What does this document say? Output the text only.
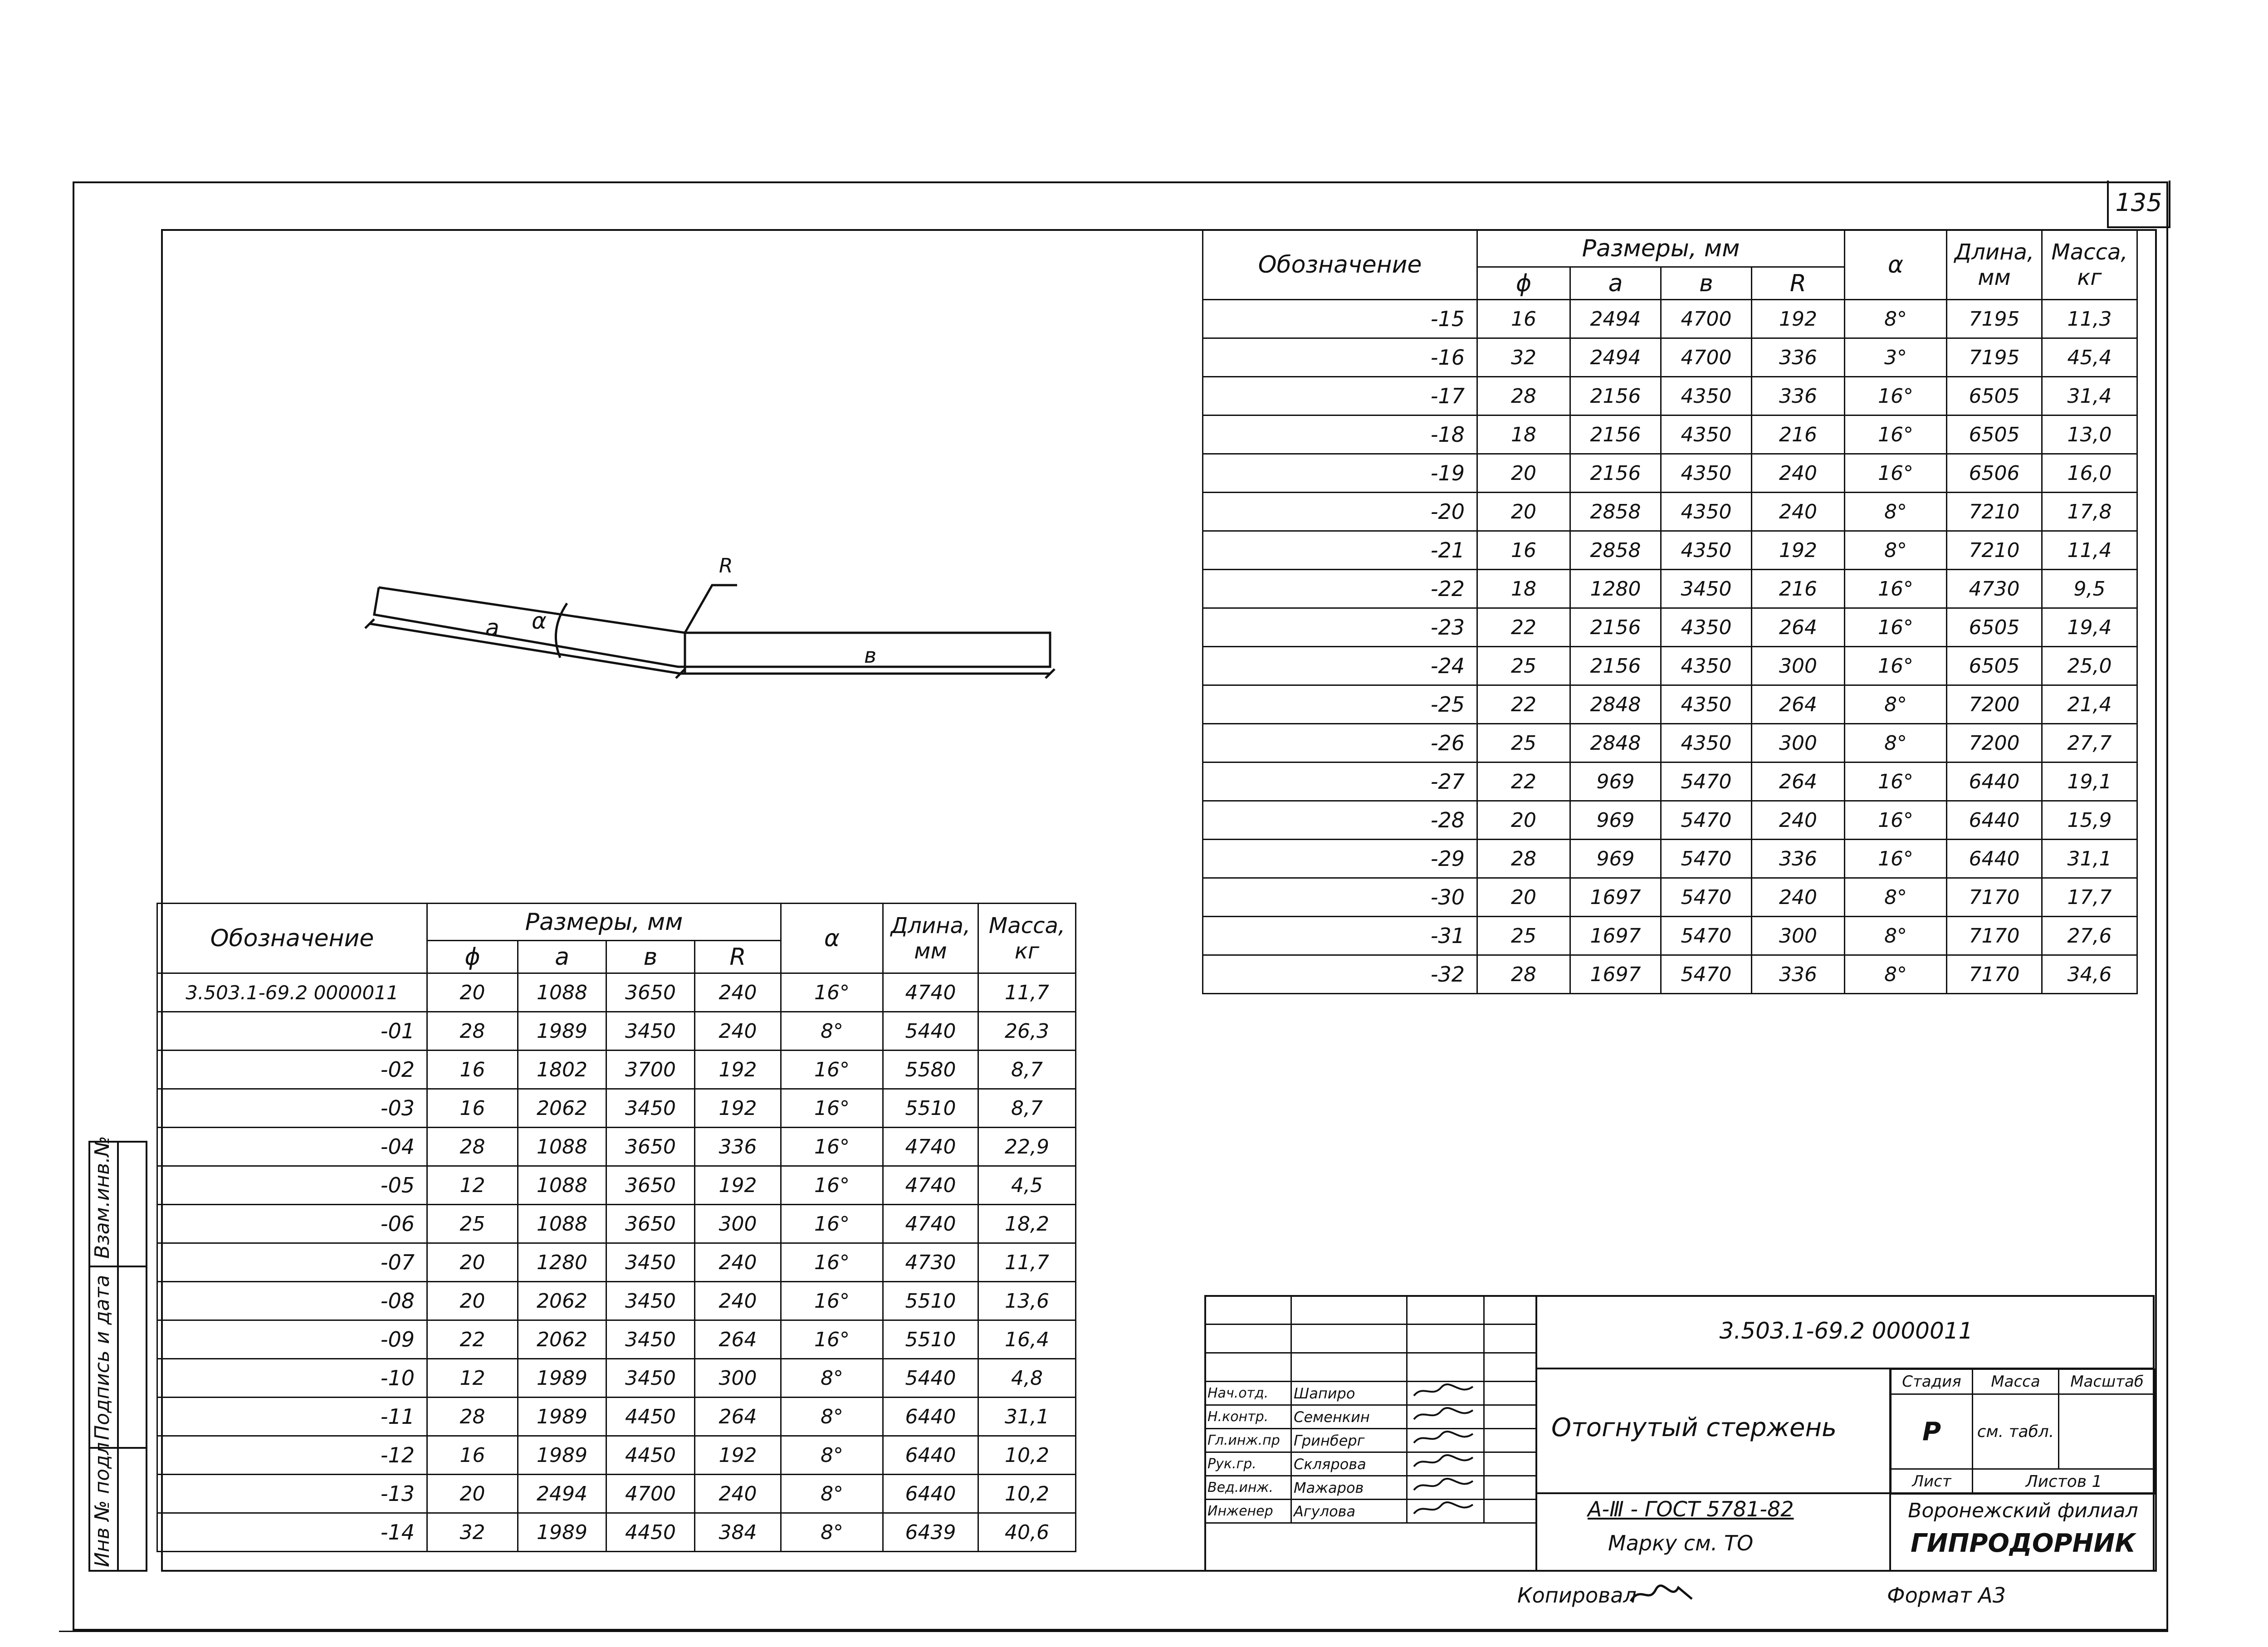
135
Взам.инв.№
Подпись и дата
Инв № подл
R
a α
в
Обозначение	Размеры, мм				α	Длина, мм	Масса, кг
	ϕ	a	в	R			
3.503.1-69.2 0000011	20	1088	3650	240	16°	4740	11,7
-01	28	1989	3450	240	8°	5440	26,3
-02	16	1802	3700	192	16°	5580	8,7
-03	16	2062	3450	192	16°	5510	8,7
-04	28	1088	3650	336	16°	4740	22,9
-05	12	1088	3650	192	16°	4740	4,5
-06	25	1088	3650	300	16°	4740	18,2
-07	20	1280	3450	240	16°	4730	11,7
-08	20	2062	3450	240	16°	5510	13,6
-09	22	2062	3450	264	16°	5510	16,4
-10	12	1989	3450	300	8°	5440	4,8
-11	28	1989	4450	264	8°	6440	31,1
-12	16	1989	4450	192	8°	6440	10,2
-13	20	2494	4700	240	8°	6440	10,2
-14	32	1989	4450	384	8°	6439	40,6
Обозначение	Размеры, мм				α	Длина, мм	Масса, кг
	ϕ	a	в	R			
-15	16	2494	4700	192	8°	7195	11,3
-16	32	2494	4700	336	3°	7195	45,4
-17	28	2156	4350	336	16°	6505	31,4
-18	18	2156	4350	216	16°	6505	13,0
-19	20	2156	4350	240	16°	6506	16,0
-20	20	2858	4350	240	8°	7210	17,8
-21	16	2858	4350	192	8°	7210	11,4
-22	18	1280	3450	216	16°	4730	9,5
-23	22	2156	4350	264	16°	6505	19,4
-24	25	2156	4350	300	16°	6505	25,0
-25	22	2848	4350	264	8°	7200	21,4
-26	25	2848	4350	300	8°	7200	27,7
-27	22	969	5470	264	16°	6440	19,1
-28	20	969	5470	240	16°	6440	15,9
-29	28	969	5470	336	16°	6440	31,1
-30	20	1697	5470	240	8°	7170	17,7
-31	25	1697	5470	300	8°	7170	27,6
-32	28	1697	5470	336	8°	7170	34,6

Нач.отд.	Шапиро		
Н.контр.	Семенкин		
Гл.инж.пр	Гринберг		
Рук.гр.	Склярова		
Вед.инж.	Мажаров		
Инженер	Агулова		
3.503.1-69.2 0000011
Отогнутый стержень
А-Ⅲ - ГОСТ 5781-82
Марку см. ТО
Стадия	Масса	Масштаб
Р	см. табл.	
Лист	Листов 1	
Воронежский филиал
ГИПРОДОРНИК
Копировал	Формат А3
